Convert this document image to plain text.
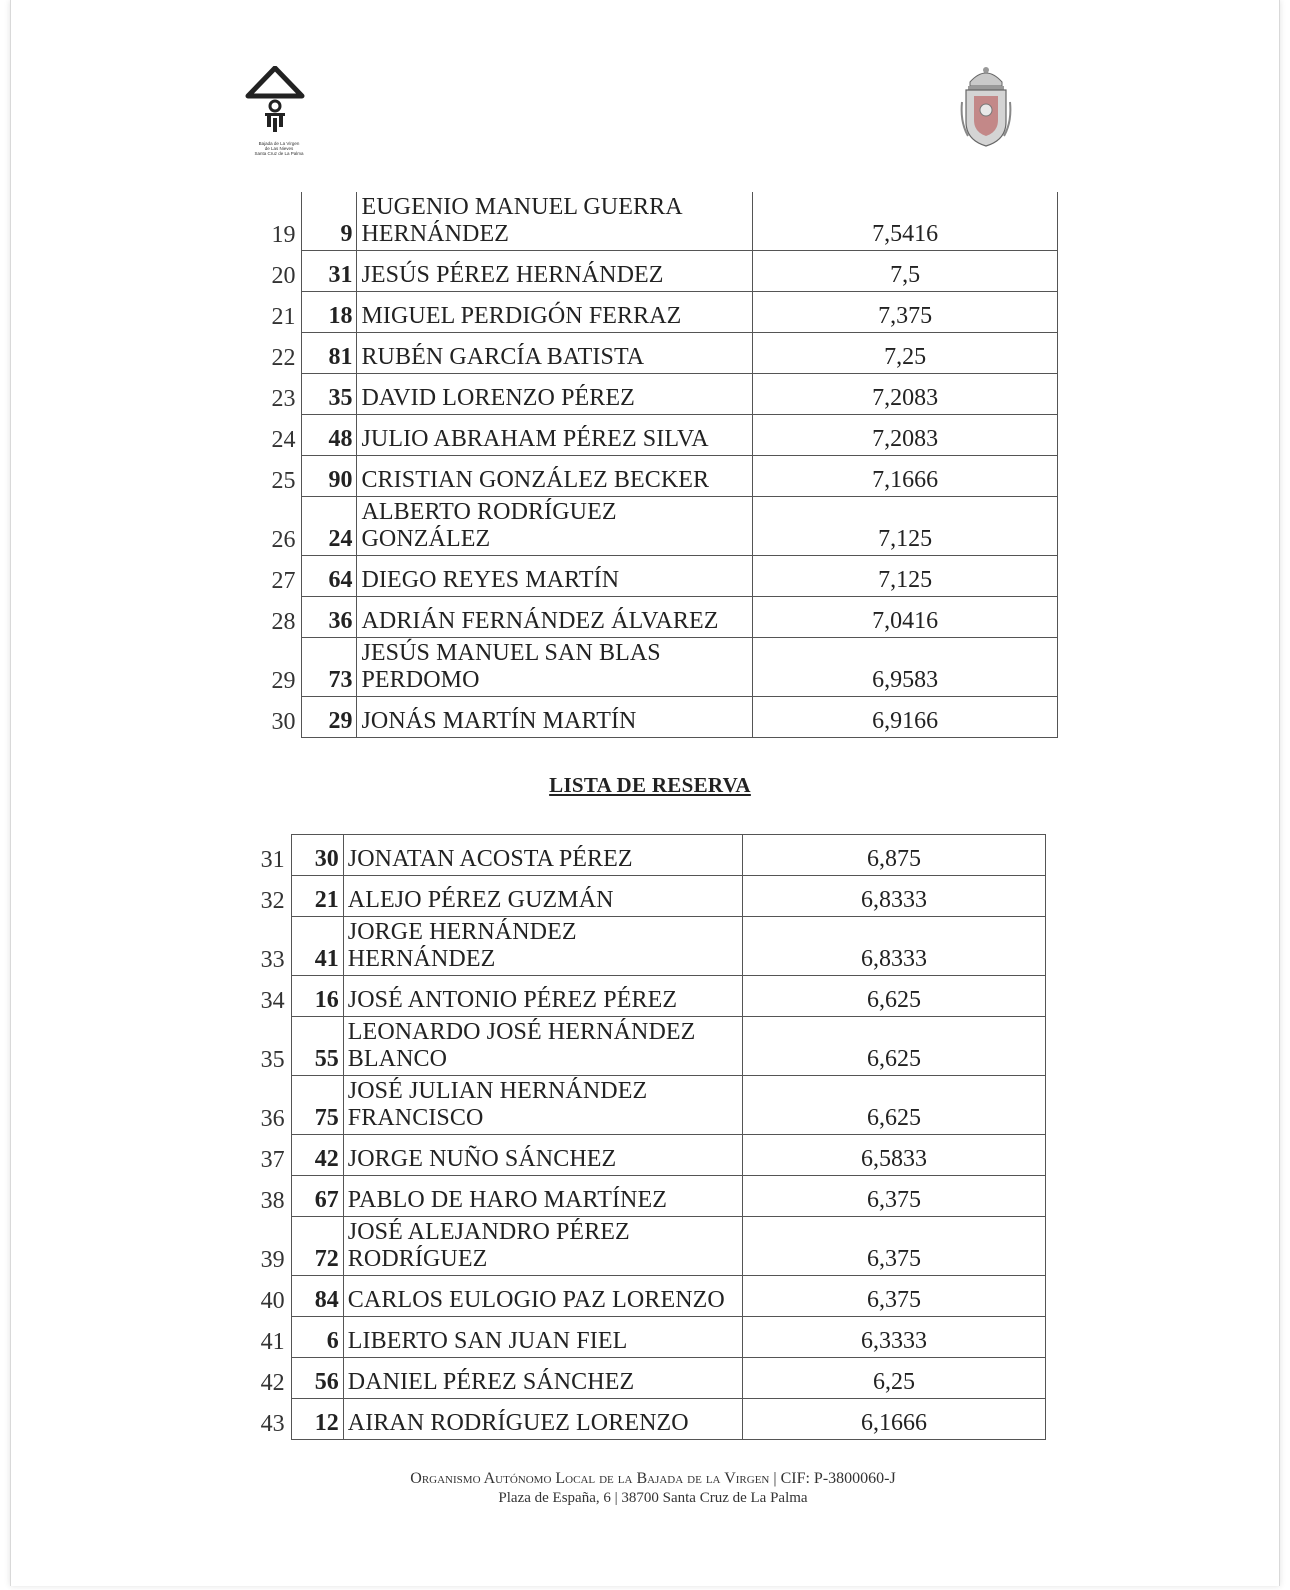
Bajada de La Virgen
de Las Nieves
Santa Cruz de La Palma
19	9	EUGENIO MANUEL GUERRA
HERNÁNDEZ	7,5416
20	31	JESÚS PÉREZ HERNÁNDEZ	7,5
21	18	MIGUEL PERDIGÓN FERRAZ	7,375
22	81	RUBÉN GARCÍA BATISTA	7,25
23	35	DAVID LORENZO PÉREZ	7,2083
24	48	JULIO ABRAHAM PÉREZ SILVA	7,2083
25	90	CRISTIAN GONZÁLEZ BECKER	7,1666
26	24	ALBERTO RODRÍGUEZ
GONZÁLEZ	7,125
27	64	DIEGO REYES MARTÍN	7,125
28	36	ADRIÁN FERNÁNDEZ ÁLVAREZ	7,0416
29	73	JESÚS MANUEL SAN BLAS
PERDOMO	6,9583
30	29	JONÁS MARTÍN MARTÍN	6,9166
LISTA DE RESERVA
31	30	JONATAN ACOSTA PÉREZ	6,875
32	21	ALEJO PÉREZ GUZMÁN	6,8333
33	41	JORGE HERNÁNDEZ
HERNÁNDEZ	6,8333
34	16	JOSÉ ANTONIO PÉREZ PÉREZ	6,625
35	55	LEONARDO JOSÉ HERNÁNDEZ
BLANCO	6,625
36	75	JOSÉ JULIAN HERNÁNDEZ
FRANCISCO	6,625
37	42	JORGE NUÑO SÁNCHEZ	6,5833
38	67	PABLO DE HARO MARTÍNEZ	6,375
39	72	JOSÉ ALEJANDRO PÉREZ
RODRÍGUEZ	6,375
40	84	CARLOS EULOGIO PAZ LORENZO	6,375
41	6	LIBERTO SAN JUAN FIEL	6,3333
42	56	DANIEL PÉREZ SÁNCHEZ	6,25
43	12	AIRAN RODRÍGUEZ LORENZO	6,1666
Organismo Autónomo Local de la Bajada de la Virgen | CIF: P-3800060-J
Plaza de España, 6 | 38700 Santa Cruz de La Palma
